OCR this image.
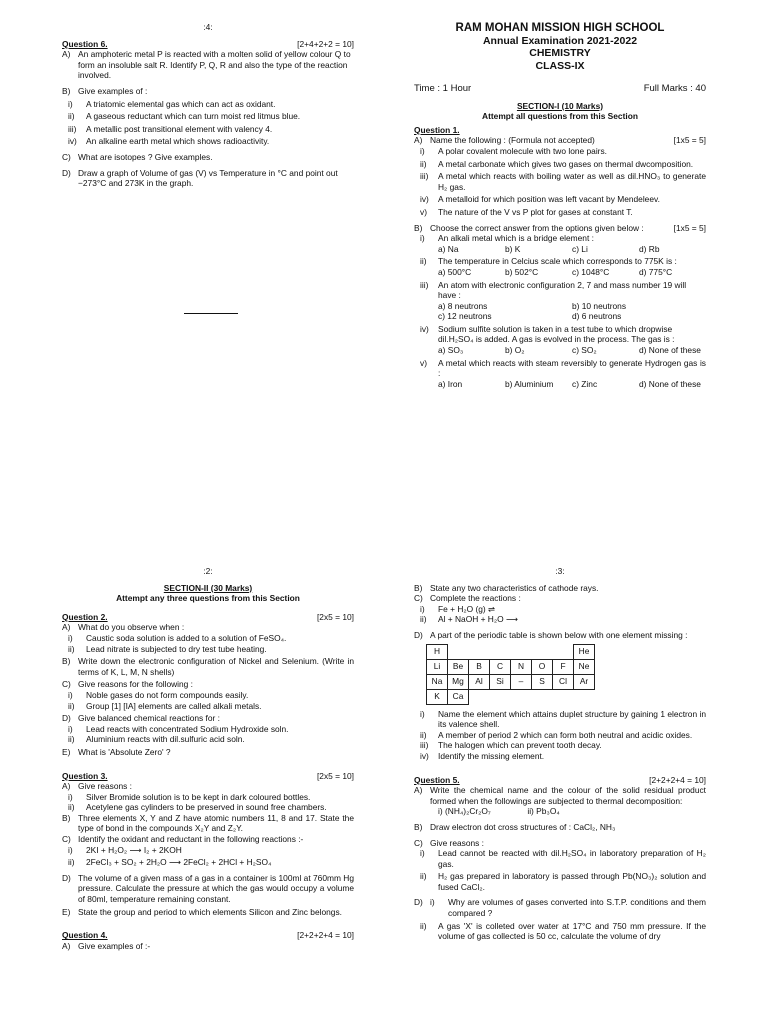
:4:
Question 6.	[2+4+2+2 = 10]
A) An amphoteric metal P is reacted with a molten solid of yellow colour Q to form an insoluble salt R. Identify P, Q, R and also the type of the reaction involved.
B) Give examples of :
i)	A triatomic elemental gas which can act as oxidant.
ii)	A gaseous reductant which can turn moist red litmus blue.
iii)	A metallic post transitional element with valency 4.
iv)	An alkaline earth metal which shows radioactivity.
C) What are isotopes ? Give examples.
D) Draw a graph of Volume of gas (V) vs Temperature in °C and point out −273°C and 273K in the graph.
RAM MOHAN MISSION HIGH SCHOOL
Annual Examination 2021-2022
CHEMISTRY
CLASS-IX
Time : 1 Hour	Full Marks : 40
SECTION-I (10 Marks)
Attempt all questions from this Section
Question 1.
A) Name the following : (Formula not accepted)	[1x5 = 5]
i)	A polar covalent molecule with two lone pairs.
ii)	A metal carbonate which gives two gases on thermal dwcomposition.
iii)	A metal which reacts with boiling water as well as dil.HNO₃ to generate H₂ gas.
iv)	A metalloid for which position was left vacant by Mendeleev.
v)	The nature of the V vs P plot for gases at constant T.
B) Choose the correct answer from the options given below :	[1x5 = 5]
i)	An alkali metal which is a bridge element :
a) Na	b) K	c) Li	d) Rb
ii)	The temperature in Celcius scale which corresponds to 775K is :
a) 500°C	b) 502°C	c) 1048°C	d) 775°C
iii)	An atom with electronic configuration 2, 7 and mass number 19 will have :
a) 8 neutrons	b) 10 neutrons
c) 12 neutrons	d) 6 neutrons
iv)	Sodium sulfite solution is taken in a test tube to which dropwise dil.H₂SO₄ is added. A gas is evolved in the process. The gas is :
a) SO₃	b) O₂	c) SO₂	d) None of these
v)	A metal which reacts with steam reversibly to generate Hydrogen gas is :
a) Iron	b) Aluminium	c) Zinc	d) None of these
:2:
SECTION-II (30 Marks)
Attempt any three questions from this Section
Question 2.	[2x5 = 10]
A) What do you observe when :
i)	Caustic soda solution is added to a solution of FeSO₄.
ii)	Lead nitrate is subjected to dry test tube heating.
B) Write down the electronic configuration of Nickel and Selenium. (Write in terms of K, L, M, N shells)
C) Give reasons for the following :
i)	Noble gases do not form compounds easily.
ii)	Group [1] [IA] elements are called alkali metals.
D) Give balanced chemical reactions for :
i)	Lead reacts with concentrated Sodium Hydroxide soln.
ii)	Aluminium reacts with dil.sulfuric acid soln.
E) What is 'Absolute Zero' ?
Question 3.	[2x5 = 10]
A) Give reasons :
i)	Silver Bromide solution is to be kept in dark coloured bottles.
ii)	Acetylene gas cylinders to be preserved in sound free chambers.
B) Three elements X, Y and Z have atomic numbers 11, 8 and 17. State the type of bond in the compounds X₂Y and Z₂Y.
C) Identify the oxidant and reductant in the following reactions :-
i)	2KI + H₂O₂ ⟶ I₂ + 2KOH
ii)	2FeCl₃ + SO₂ + 2H₂O ⟶ 2FeCl₂ + 2HCl + H₂SO₄
D) The volume of a given mass of a gas in a container is 100ml at 760mm Hg pressure. Calculate the pressure at which the gas would occupy a volume of 80ml, temperature remaining constant.
E) State the group and period to which elements Silicon and Zinc belongs.
Question 4.	[2+2+2+4 = 10]
A) Give examples of :-
:3:
B) State any two characteristics of cathode rays.
C) Complete the reactions :
i)	Fe + H₂O (g) ⇌
ii)	Al + NaOH + H₂O ⟶
D) A part of the periodic table is shown below with one element missing :
H							He
Li	Be	B	C	N	O	F	Ne
Na	Mg	Al	Si	–	S	Cl	Ar
K	Ca						
i)	Name the element which attains duplet structure by gaining 1 electron in its valence shell.
ii)	A member of period 2 which can form both neutral and acidic oxides.
iii)	The halogen which can prevent tooth decay.
iv)	Identify the missing element.
Question 5.	[2+2+2+4 = 10]
A) Write the chemical name and the colour of the solid residual product formed when the followings are subjected to thermal decomposition:
i) (NH₄)₂Cr₂O₇	ii) Pb₃O₄
B) Draw electron dot cross structures of : CaCl₂, NH₃
C) Give reasons :
i)	Lead cannot be reacted with dil.H₂SO₄ in laboratory preparation of H₂ gas.
ii)	H₂ gas prepared in laboratory is passed through Pb(NO₃)₂ solution and fused CaCl₂.
D) i)	Why are volumes of gases converted into S.T.P. conditions and them compared ?
ii)	A gas 'X' is colleted over water at 17°C and 750 mm pressure. If the volume of gas collected is 50 cc, calculate the volume of dry
